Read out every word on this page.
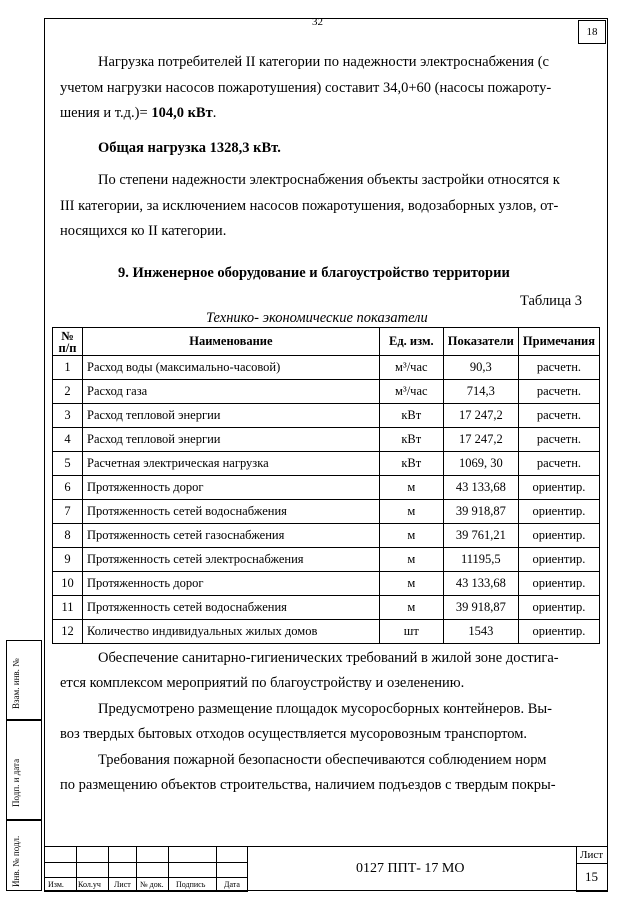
32
18
Нагрузка потребителей II категории по надежности электроснабжения (с
учетом нагрузки насосов пожаротушения) составит 34,0+60 (насосы пожароту-
шения и т.д.)= 104,0 кВт.
Общая нагрузка 1328,3 кВт.
По степени надежности электроснабжения объекты застройки относятся к
III категории, за исключением насосов пожаротушения, водозаборных узлов, от-
носящихся ко II категории.
9. Инженерное оборудование и благоустройство территории
Таблица 3
Технико- экономические показатели
№
п/п	Наименование	Ед. изм.	Показатели	Примечания
1	Расход воды (максимально-часовой)	м³/час	90,3	расчетн.
2	Расход газа	м³/час	714,3	расчетн.
3	Расход тепловой энергии	кВт	17 247,2	расчетн.
4	Расход тепловой энергии	кВт	17 247,2	расчетн.
5	Расчетная электрическая нагрузка	кВт	1069, 30	расчетн.
6	Протяженность дорог	м	43 133,68	ориентир.
7	Протяженность сетей водоснабжения	м	39 918,87	ориентир.
8	Протяженность сетей газоснабжения	м	39 761,21	ориентир.
9	Протяженность сетей электроснабжения	м	11195,5	ориентир.
10	Протяженность дорог	м	43 133,68	ориентир.
11	Протяженность сетей водоснабжения	м	39 918,87	ориентир.
12	Количество индивидуальных жилых домов	шт	1543	ориентир.
Обеспечение санитарно-гигиенических требований в жилой зоне достига-
ется комплексом мероприятий по благоустройству и озеленению.
Предусмотрено размещение площадок мусоросборных контейнеров. Вы-
воз твердых бытовых отходов осуществляется мусоровозным транспортом.
Требования пожарной безопасности обеспечиваются соблюдением норм
по размещению объектов строительства, наличием подъездов с твердым покры-
Взам. инв. №
Подп. и дата
Инв. № подл.	Изм. Кол.уч Лист № док. Подпись Дата
0127 ППТ- 17 МО
Лист
15
